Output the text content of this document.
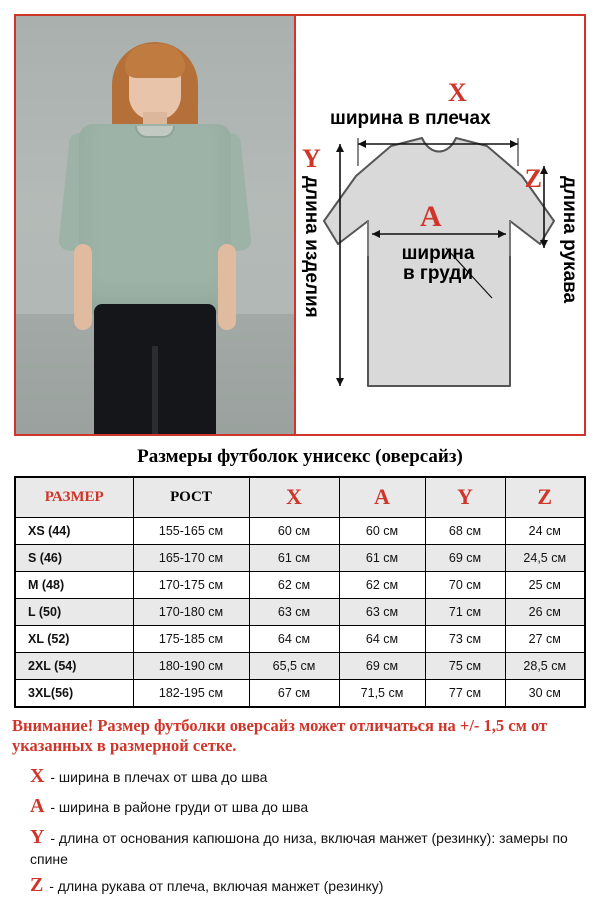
X
ширина в плечах
Y
длина изделия	Z длина рукава
A
ширина
в груди
Размеры футболок унисекс (оверсайз)
РАЗМЕР	РОСТ	X	A	Y	Z
XS (44)	155-165 см	60 см	60 см	68 см	24 см
S (46)	165-170 см	61 см	61 см	69 см	24,5 см
M (48)	170-175 см	62 см	62 см	70 см	25 см
L (50)	170-180 см	63 см	63 см	71 см	26 см
XL (52)	175-185 см	64 см	64 см	73 см	27 см
2XL (54)	180-190 см	65,5 см	69 см	75 см	28,5 см
3XL(56)	182-195 см	67 см	71,5 см	77 см	30 см
Внимание! Размер футболки оверсайз может отличаться на +/- 1,5 см от указанных в размерной сетке.
X - ширина в плечах от шва до шва
A - ширина в районе груди от шва до шва
Y - длина от основания капюшона до низа, включая манжет (резинку): замеры по спине
Z - длина рукава от плеча, включая манжет (резинку)
